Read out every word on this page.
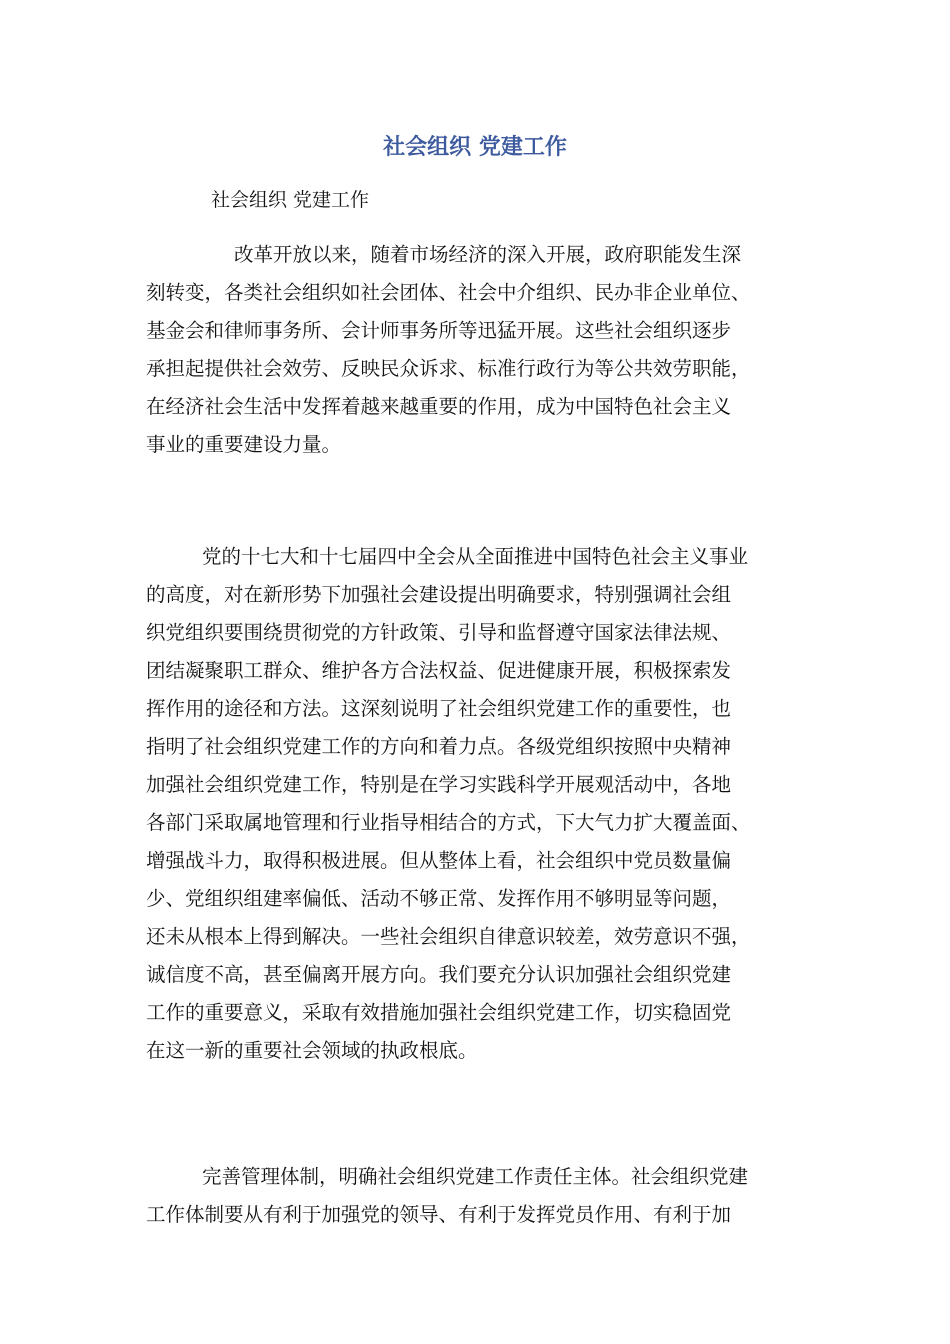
社会组织 党建工作

社会组织 党建工作

改革开放以来，随着市场经济的深入开展，政府职能发生深
刻转变，各类社会组织如社会团体、社会中介组织、民办非企业单位、
基金会和律师事务所、会计师事务所等迅猛开展。这些社会组织逐步
承担起提供社会效劳、反映民众诉求、标准行政行为等公共效劳职能，
在经济社会生活中发挥着越来越重要的作用，成为中国特色社会主义
事业的重要建设力量。
党的十七大和十七届四中全会从全面推进中国特色社会主义事业
的高度，对在新形势下加强社会建设提出明确要求，特别强调社会组
织党组织要围绕贯彻党的方针政策、引导和监督遵守国家法律法规、
团结凝聚职工群众、维护各方合法权益、促进健康开展，积极探索发
挥作用的途径和方法。这深刻说明了社会组织党建工作的重要性，也
指明了社会组织党建工作的方向和着力点。各级党组织按照中央精神
加强社会组织党建工作，特别是在学习实践科学开展观活动中，各地
各部门采取属地管理和行业指导相结合的方式，下大气力扩大覆盖面、
增强战斗力，取得积极进展。但从整体上看，社会组织中党员数量偏
少、党组织组建率偏低、活动不够正常、发挥作用不够明显等问题，
还未从根本上得到解决。一些社会组织自律意识较差，效劳意识不强，
诚信度不高，甚至偏离开展方向。我们要充分认识加强社会组织党建
工作的重要意义，采取有效措施加强社会组织党建工作，切实稳固党
在这一新的重要社会领域的执政根底。
完善管理体制，明确社会组织党建工作责任主体。社会组织党建
工作体制要从有利于加强党的领导、有利于发挥党员作用、有利于加
